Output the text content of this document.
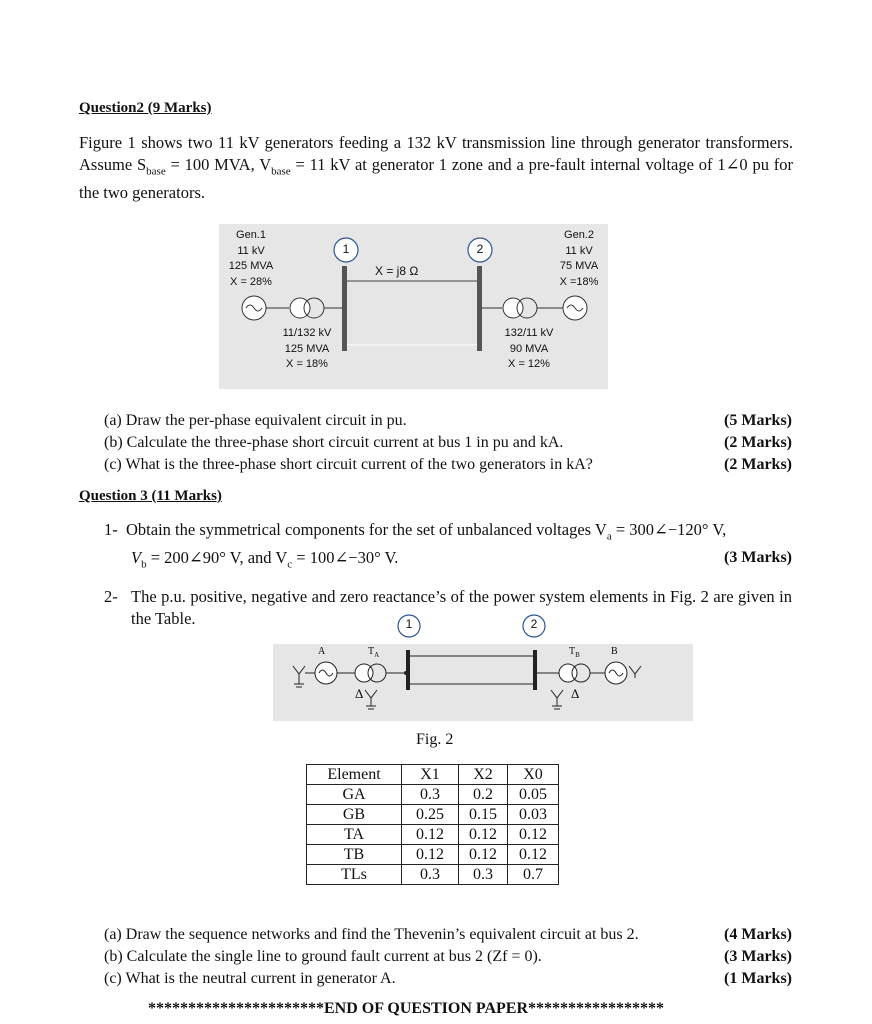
Question2 (9 Marks)
Figure 1 shows two 11 kV generators feeding a 132 kV transmission line through generator transformers. Assume $S_{base} = 100$ MVA, $V_{base} = 11$ kV at generator 1 zone and a pre-fault internal voltage of 1∠0 pu for the two generators.
1	2
Gen.1
11 kV
125 MVA
X = 28%
Gen.2
11 kV
75 MVA
X =18%
11/132 kV
125 MVA
X = 18%
132/11 kV
90 MVA
X = 12%
X = j8 Ω
(a) Draw the per-phase equivalent circuit in pu.	(5 Marks)
(b) Calculate the three-phase short circuit current at bus 1 in pu and kA.	(2 Marks)
(c) What is the three-phase short circuit current of the two generators in kA?	(2 Marks)
Question 3 (11 Marks)
1- Obtain the symmetrical components for the set of unbalanced voltages $V_a$ = 300∠−120° V,
$V_b$ = 200∠90° V, and $V_c$ = 100∠−30° V.	(3 Marks)
2- The p.u. positive, negative and zero reactance’s of the power system elements in Fig. 2 are given in the Table.
A	$T_A$	$T_B$	B
Δ	Δ
1	2
Fig. 2
Element	X1	X2	X0
GA	0.3	0.2	0.05
GB	0.25	0.15	0.03
TA	0.12	0.12	0.12
TB	0.12	0.12	0.12
TLs	0.3	0.3	0.7
(a) Draw the sequence networks and find the Thevenin’s equivalent circuit at bus 2.	(4 Marks)
(b) Calculate the single line to ground fault current at bus 2 (Zf = 0).	(3 Marks)
(c) What is the neutral current in generator A.	(1 Marks)
**********************END OF QUESTION PAPER*****************
